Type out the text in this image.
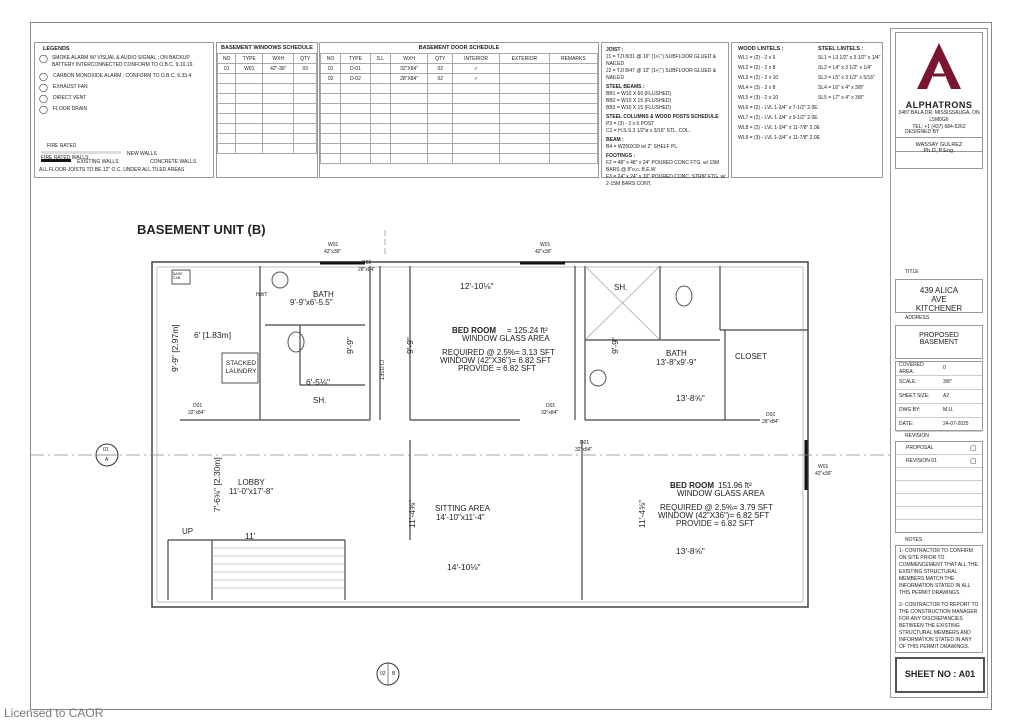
LEGENDS
◯ SMOKE ALARM W/ VISUAL & AUDIO SIGNAL ; ON BACKUP BATTERY INTERCONNECTED CONFORM TO O.B.C. 9.10.19.
◯ CARBON MONOXIDE ALARM ; CONFORM TO O.B.C. 9.33.4
◯ EXHAUST FAN
◯ DIRECT VENT
◯ FLOOR DRAIN
FIRE RATED
FIRE RATED WALLS
NEW WALLS
EXISTING WALLS	CONCRETE WALLS
ALL FLOOR JOISTS TO BE 12" O.C. UNDER ALL TILED AREAS
BASEMENT WINDOWS SCHEDULE
NO	TYPE	WXH	QTY
01	W01	42"-36"	03

BASEMENT DOOR SCHEDULE
NO	TYPE	S.L	WXH	QTY	INTERIOR	EXTERIOR	REMARKS
01	D-01		32"X84"	02	✓		
02	D-02		28"X84"	02	✓		

JOIST :
J1 = TJI 8/31 @ 16" (1¹⁄₂") SUBFLOOR GLUED & NAILED
J2 = TJI 8/47 @ 12" (1¹⁄₂") SUBFLOOR GLUED & NAILED
STEEL BEAMS :
BB1 = W10 X 60 (FLUSHED)
BB2 = W10 X 15 (FLUSHED)
BB3 = W10 X 15 (FLUSHED)
STEEL COLUMNS & WOOD POSTS SCHEDULE
P3 = (3) - 2 x 6 POST
C1 = H.S.S 3 1/2"ø x 3/16" STL. COL.
BEAM :
B4 = W250X39 w/ 2" SHELF PL.
FOOTINGS :
F2 = 48" x 48" x 24" POURED CONC FTG. w/ 15M BARS @ 8"o.c. B.E.W
F3 = 24" x 24" x 10" POURED CONC. STRIP FTG. w/ 2-15M BARS CONT.
WOOD LINTELS :
WL1 = (2) - 2 x 6
WL2 = (2) - 2 x 8
WL3 = (2) - 2 x 10
WL4 = (3) - 2 x 8
WL5 = (3) - 2 x 10
WL6 = (2) - LVL 1-3/4" x 7-1/2" 2.0E
WL7 = (2) - LVL 1-3/4" x 9-1/2" 2.0E
WL8 = (2) - LVL 1-3/4" x 11-7/8" 2.0E
WL9 = (3) - LVL 1-3/4" x 11-7/8" 2.0E
STEEL LINTELS :
SL1 = L3 1/2" x 3 1/2" x 1/4"
SL2 = L4" x 3 1/2" x 1/4"
SL3 = L5" x 3 1/2" x 5/16"
SL4 = L6" x 4" x 3/8"
SL5 = L7" x 4" x 3/8"
ALPHATRONS
3487 BALA DR. MISSISSAUGA, ON L5M0G6
TEL: +1 (437) 684-5262
DESIGNED BY
WASSAY GULREZ
Ph.D, P.Eng.
TITLE
439 ALICA AVE KITCHENER
ADDRESS
PROPOSED BASEMENT
COVERED AREA:
0
SCALE:	3/8"
SHEET SIZE:	A2
DWG BY:	M.U.
DATE:	24-07-2025
REVISION
PROPOSAL	▢
REVISION 01	▢
NOTES
1- CONTRACTOR TO CONFIRM ON SITE PRIOR TO COMMENCEMENT THAT ALL THE EXISTING STRUCTURAL MEMBERS MATCH THE INFORMATION STATED IN ALL THIS PERMIT DRAWINGS.
2- CONTRACTOR TO REPORT TO THE CONSTRUCTION MANAGER FOR ANY DISCREPANCIES BETWEEN THE EXISTING STRUCTURAL MEMBERS AND INFORMATION STATED IN ANY OF THIS PERMIT DRAWINGS.
SHEET NO : A01
BASEMENT UNIT (B)
W01
42"x36"
W01
42"x36"
W01
42"x36"
BATH
9'-9"x6'-5.5"
STACKED LAUNDRY	CLOSET
SH.
HWT
BASE CAB.
BED ROOM = 125.24 ft²
WINDOW GLASS AREA
REQUIRED @ 2.5%= 3.13 SFT
WINDOW (42"X36")= 6.82 SFT
PROVIDE = 6.82 SFT
BATH
13'-8"x9'-9"
CLOSET
SH.
LOBBY
11'-0"x17'-8"
SITTING AREA
14'-10"x11'-4"
BED ROOM 151.96 ft²
WINDOW GLASS AREA
REQUIRED @ 2.5%= 3.79 SFT
WINDOW (42"X36")= 6.82 SFT
PROVIDE = 6.82 SFT
UP
12'-10⅛"
6' [1.83m]
9'-9" [2.97m]	9'-9"	9'-9"	9'-9"
6'-5⅛"
13'-8⅝"
7'-6⅝" [2.30m]
11'
11'-4⅝"	11'-4⅝"
14'-10⅛"
13'-8⅝"
D02
28"x84"
D01
32"x84"
D01
32"x84"
D01
32"x84"
D02
28"x84"
01
A
02 B
Licensed to CAOR
